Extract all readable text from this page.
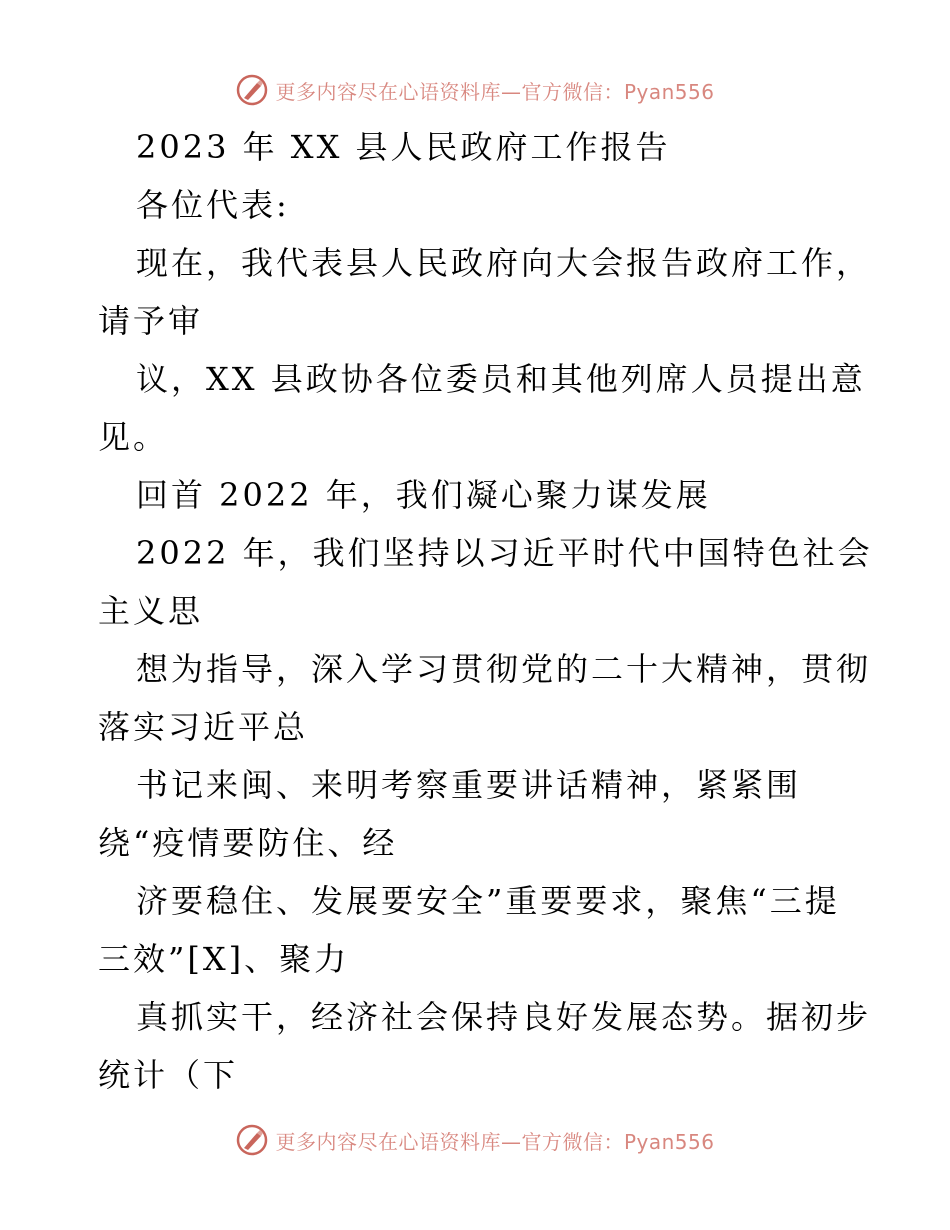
更多内容尽在心语资料库—官方微信：Pyan556
2023 年 XX 县人民政府工作报告
各位代表:
现在，我代表县人民政府向大会报告政府工作，
请予审
议，XX 县政协各位委员和其他列席人员提出意
见。
回首 2022 年，我们凝心聚力谋发展
2022 年，我们坚持以习近平时代中国特色社会
主义思
想为指导，深入学习贯彻党的二十大精神，贯彻
落实习近平总
书记来闽、来明考察重要讲话精神，紧紧围
绕“疫情要防住、经
济要稳住、发展要安全”重要要求，聚焦“三提
三效”[X]、聚力
真抓实干，经济社会保持良好发展态势。据初步
统计（下
更多内容尽在心语资料库—官方微信：Pyan556
